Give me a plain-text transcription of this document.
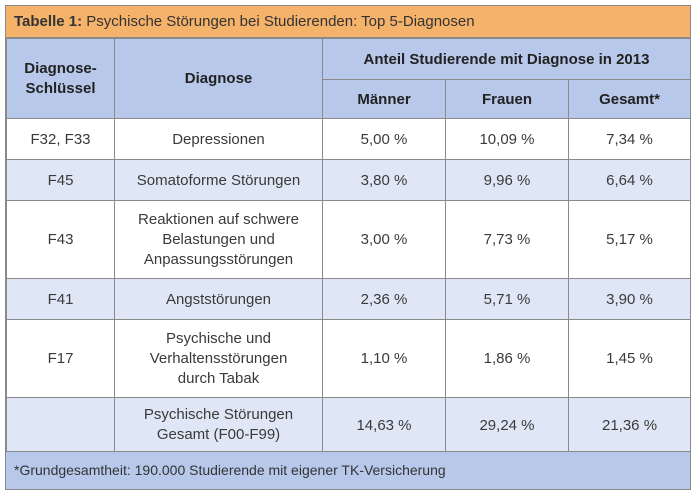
Tabelle 1: Psychische Störungen bei Studierenden: Top 5-Diagnosen
Diagnose-Schlüssel	Diagnose	Anteil Studierende mit Diagnose in 2013		
		Männer	Frauen	Gesamt*
F32, F33	Depressionen	5,00 %	10,09 %	7,34 %
F45	Somatoforme Störungen	3,80 %	9,96 %	6,64 %
F43	Reaktionen auf schwere Belastungen und Anpassungsstörungen	3,00 %	7,73 %	5,17 %
F41	Angststörungen	2,36 %	5,71 %	3,90 %
F17	Psychische und Verhaltensstörungen durch Tabak	1,10 %	1,86 %	1,45 %
	Psychische Störungen Gesamt (F00-F99)	14,63 %	29,24 %	21,36 %
*Grundgesamtheit: 190.000 Studierende mit eigener TK-Versicherung
